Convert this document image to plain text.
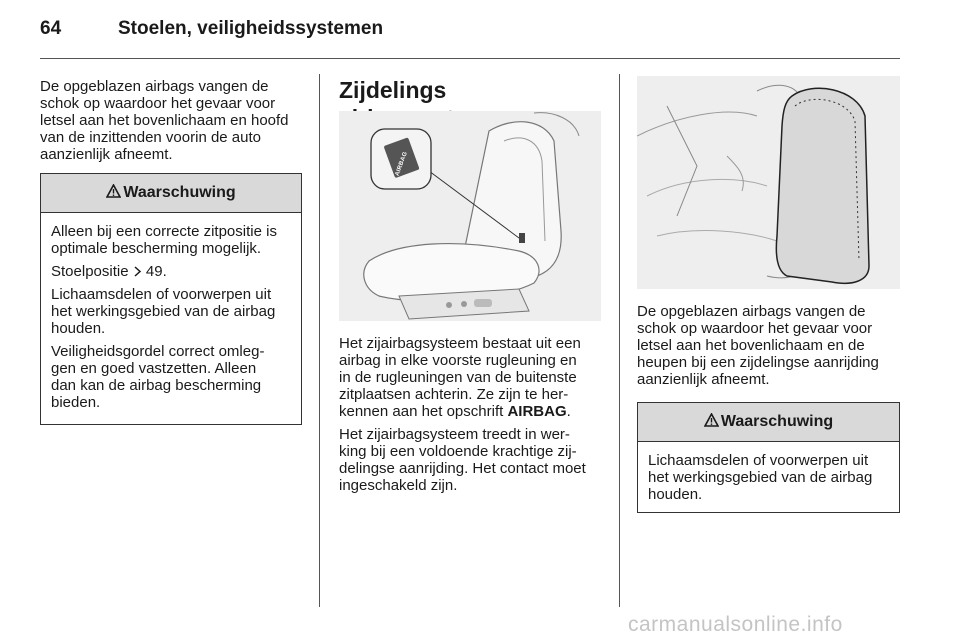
64	Stoelen, veiligheidssystemen

De opgeblazen airbags vangen de
schok op waardoor het gevaar voor
letsel aan het bovenlichaam en hoofd
van de inzittenden voorin de auto
aanzienlijk afneemt.

Waarschuwing

Alleen bij een correcte zitpositie is
optimale bescherming mogelijk.

Stoelpositie  49.

Lichaamsdelen of voorwerpen uit
het werkingsgebied van de airbag
houden.

Veiligheidsgordel correct omleg-
gen en goed vastzetten. Alleen
dan kan de airbag bescherming
bieden.

Zijdelings
AIRBAG

Het zijairbagsysteem bestaat uit een
airbag in elke voorste rugleuning en
in de rugleuningen van de buitenste
zitplaatsen achterin. Ze zijn te her-
kennen aan het opschrift AIRBAG.

Het zijairbagsysteem treedt in wer-
king bij een voldoende krachtige zij-
delingse aanrijding. Het contact moet
ingeschakeld zijn.

De opgeblazen airbags vangen de
schok op waardoor het gevaar voor
letsel aan het bovenlichaam en de
heupen bij een zijdelingse aanrijding
aanzienlijk afneemt.

Waarschuwing

Lichaamsdelen of voorwerpen uit
het werkingsgebied van de airbag
houden.

carmanualsonline.info
